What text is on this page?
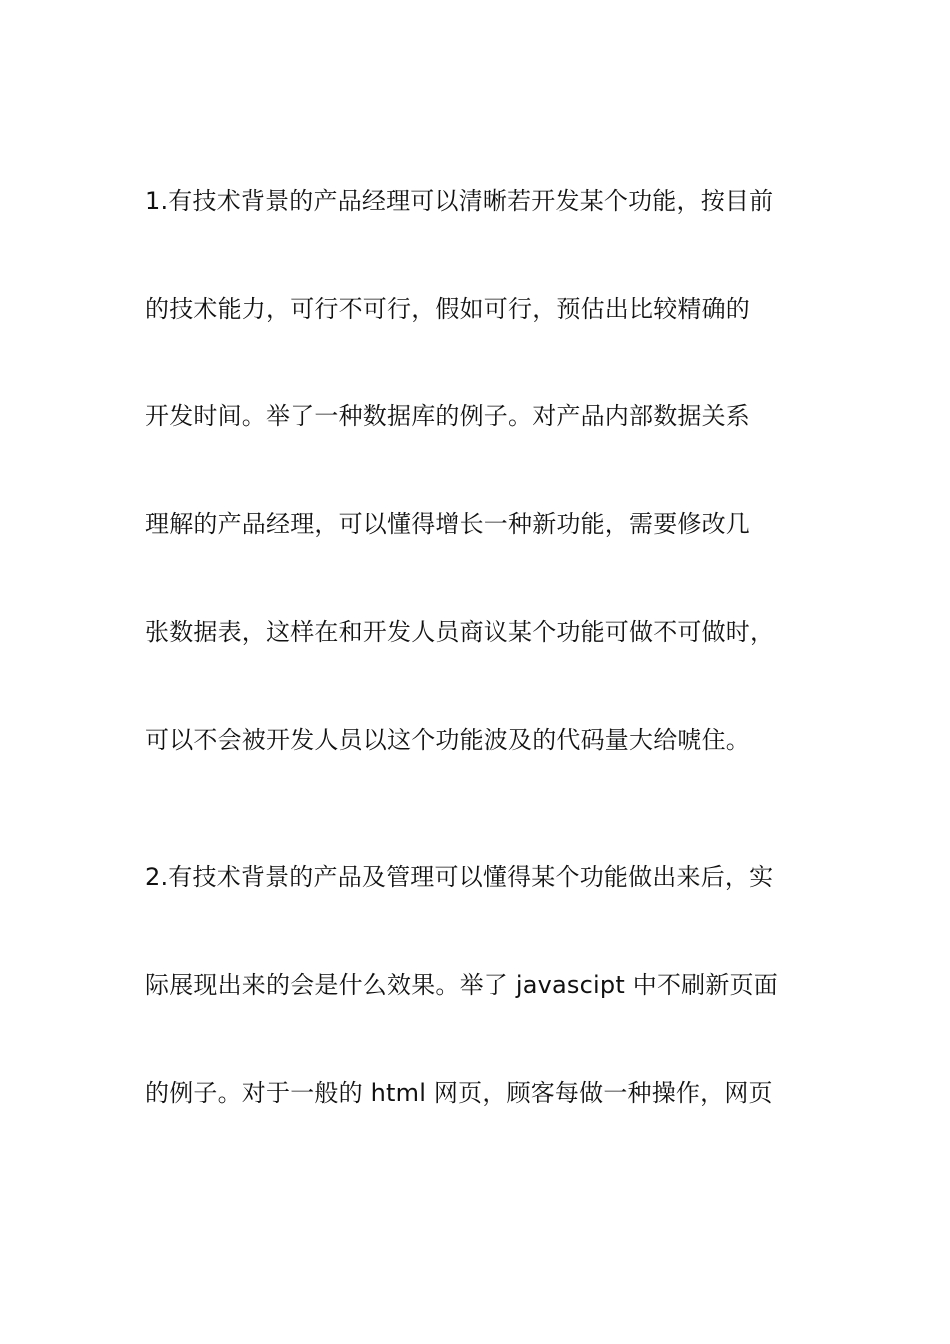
1.有技术背景的产品经理可以清晰若开发某个功能，按目前
的技术能力，可行不可行，假如可行，预估出比较精确的
开发时间。举了一种数据库的例子。对产品内部数据关系
理解的产品经理，可以懂得增长一种新功能，需要修改几
张数据表，这样在和开发人员商议某个功能可做不可做时，
可以不会被开发人员以这个功能波及的代码量大给唬住。
2.有技术背景的产品及管理可以懂得某个功能做出来后，实
际展现出来的会是什么效果。举了 javascipt 中不刷新页面
的例子。对于一般的 html 网页，顾客每做一种操作，网页
